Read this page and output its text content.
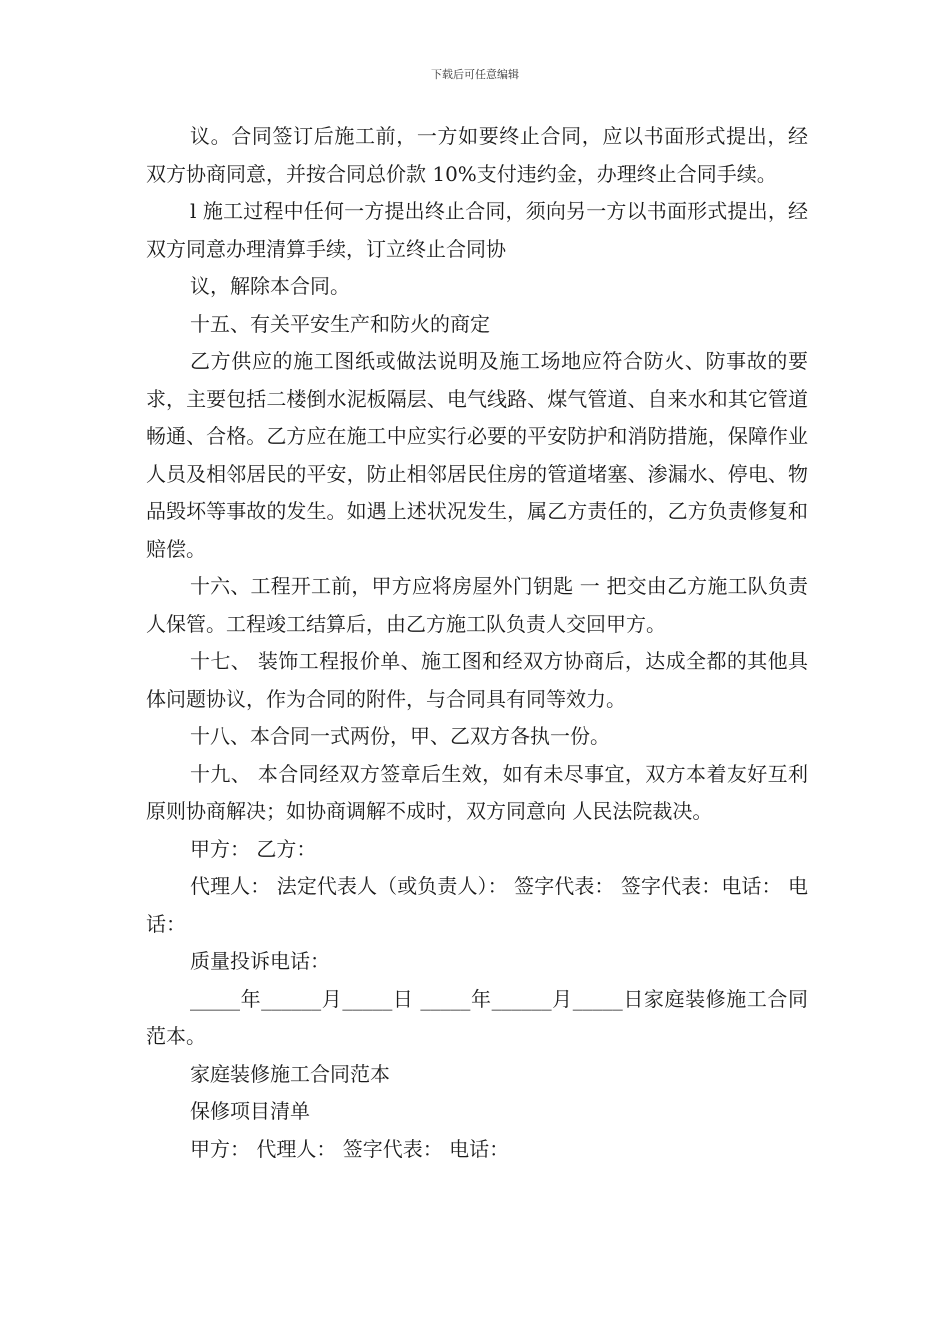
下载后可任意编辑

议。合同签订后施工前，一方如要终止合同，应以书面形式提出，经双方协商同意，并按合同总价款 10%支付违约金，办理终止合同手续。

l 施工过程中任何一方提出终止合同，须向另一方以书面形式提出，经双方同意办理清算手续，订立终止合同协

议，解除本合同。

十五、有关平安生产和防火的商定

乙方供应的施工图纸或做法说明及施工场地应符合防火、防事故的要求，主要包括二楼倒水泥板隔层、电气线路、煤气管道、自来水和其它管道畅通、合格。乙方应在施工中应实行必要的平安防护和消防措施，保障作业人员及相邻居民的平安，防止相邻居民住房的管道堵塞、渗漏水、停电、物品毁坏等事故的发生。如遇上述状况发生，属乙方责任的，乙方负责修复和赔偿。

十六、工程开工前，甲方应将房屋外门钥匙 一 把交由乙方施工队负责人保管。工程竣工结算后，由乙方施工队负责人交回甲方。

十七、 装饰工程报价单、施工图和经双方协商后，达成全都的其他具体问题协议，作为合同的附件，与合同具有同等效力。

十八、本合同一式两份，甲、乙双方各执一份。

十九、 本合同经双方签章后生效，如有未尽事宜，双方本着友好互利原则协商解决；如协商调解不成时，双方同意向 人民法院裁决。

甲方： 乙方：

代理人： 法定代表人（或负责人）： 签字代表： 签字代表：电话： 电话：

质量投诉电话：

_____年______月_____日 _____年______月_____日家庭装修施工合同范本。

家庭装修施工合同范本

保修项目清单

甲方： 代理人： 签字代表： 电话：
